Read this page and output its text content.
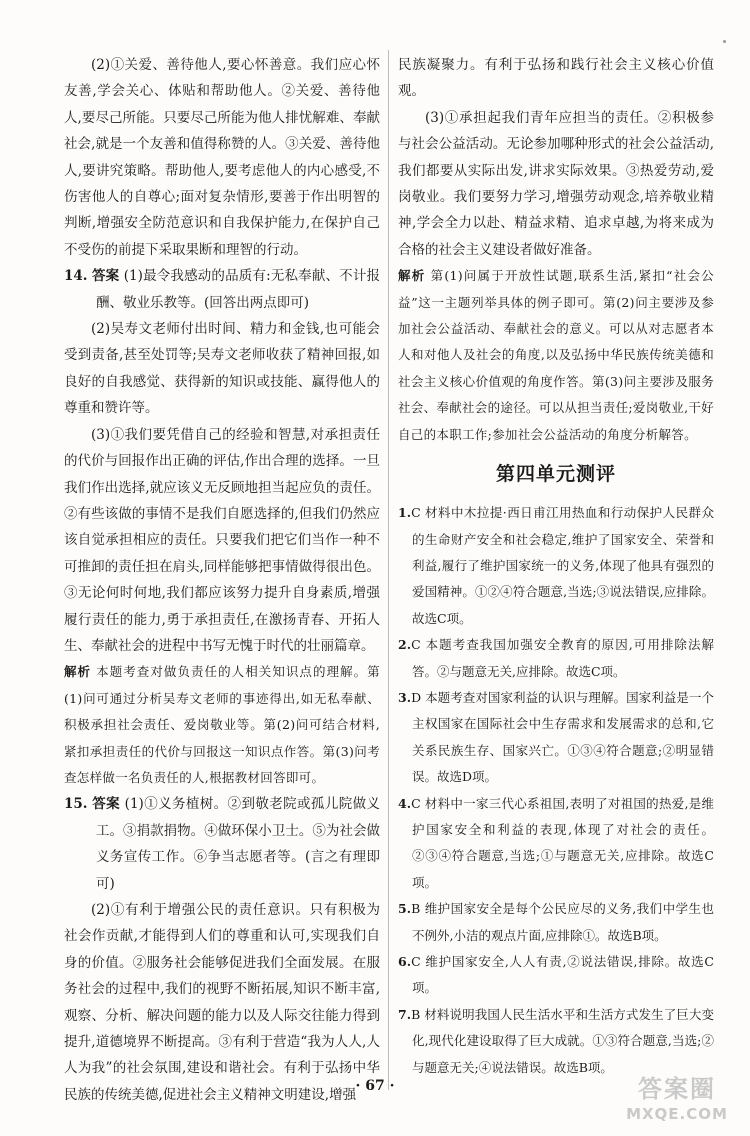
(2)①关爱、善待他人,要心怀善意。我们应心怀友善,学会关心、体贴和帮助他人。②关爱、善待他人,要尽己所能。只要尽己所能为他人排忧解难、奉献社会,就是一个友善和值得称赞的人。③关爱、善待他人,要讲究策略。帮助他人,要考虑他人的内心感受,不伤害他人的自尊心;面对复杂情形,要善于作出明智的判断,增强安全防范意识和自我保护能力,在保护自己不受伤的前提下采取果断和理智的行动。

14. 答案 (1)最令我感动的品质有:无私奉献、不计报酬、敬业乐教等。(回答出两点即可)

(2)吴寿文老师付出时间、精力和金钱,也可能会受到责备,甚至处罚等;吴寿文老师收获了精神回报,如良好的自我感觉、获得新的知识或技能、赢得他人的尊重和赞许等。

(3)①我们要凭借自己的经验和智慧,对承担责任的代价与回报作出正确的评估,作出合理的选择。一旦我们作出选择,就应该义无反顾地担当起应负的责任。②有些该做的事情不是我们自愿选择的,但我们仍然应该自觉承担相应的责任。只要我们把它们当作一种不可推卸的责任担在肩头,同样能够把事情做得很出色。③无论何时何地,我们都应该努力提升自身素质,增强履行责任的能力,勇于承担责任,在激扬青春、开拓人生、奉献社会的进程中书写无愧于时代的壮丽篇章。

解析 本题考查对做负责任的人相关知识点的理解。第(1)问可通过分析吴寿文老师的事迹得出,如无私奉献、积极承担社会责任、爱岗敬业等。第(2)问可结合材料,紧扣承担责任的代价与回报这一知识点作答。第(3)问考查怎样做一名负责任的人,根据教材回答即可。

15. 答案 (1)①义务植树。②到敬老院或孤儿院做义工。③捐款捐物。④做环保小卫士。⑤为社会做义务宣传工作。⑥争当志愿者等。(言之有理即可)

(2)①有利于增强公民的责任意识。只有积极为社会作贡献,才能得到人们的尊重和认可,实现我们自身的价值。②服务社会能够促进我们全面发展。在服务社会的过程中,我们的视野不断拓展,知识不断丰富,观察、分析、解决问题的能力以及人际交往能力得到提升,道德境界不断提高。③有利于营造“我为人人,人人为我”的社会氛围,建设和谐社会。有利于弘扬中华民族的传统美德,促进社会主义精神文明建设,增强

民族凝聚力。有利于弘扬和践行社会主义核心价值观。

(3)①承担起我们青年应担当的责任。②积极参与社会公益活动。无论参加哪种形式的社会公益活动,我们都要从实际出发,讲求实际效果。③热爱劳动,爱岗敬业。我们要努力学习,增强劳动观念,培养敬业精神,学会全力以赴、精益求精、追求卓越,为将来成为合格的社会主义建设者做好准备。

解析 第(1)问属于开放性试题,联系生活,紧扣“社会公益”这一主题列举具体的例子即可。第(2)问主要涉及参加社会公益活动、奉献社会的意义。可以从对志愿者本人和对他人及社会的角度,以及弘扬中华民族传统美德和社会主义核心价值观的角度作答。第(3)问主要涉及服务社会、奉献社会的途径。可以从担当责任;爱岗敬业,干好自己的本职工作;参加社会公益活动的角度分析解答。

第四单元测评

1.C 材料中木拉提·西日甫江用热血和行动保护人民群众的生命财产安全和社会稳定,维护了国家安全、荣誉和利益,履行了维护国家统一的义务,体现了他具有强烈的爱国精神。①②④符合题意,当选;③说法错误,应排除。故选C项。

2.C 本题考查我国加强安全教育的原因,可用排除法解答。②与题意无关,应排除。故选C项。

3.D 本题考查对国家利益的认识与理解。国家利益是一个主权国家在国际社会中生存需求和发展需求的总和,它关系民族生存、国家兴亡。①③④符合题意;②明显错误。故选D项。

4.C 材料中一家三代心系祖国,表明了对祖国的热爱,是维护国家安全和利益的表现,体现了对社会的责任。②③④符合题意,当选;①与题意无关,应排除。故选C项。

5.B 维护国家安全是每个公民应尽的义务,我们中学生也不例外,小洁的观点片面,应排除①。故选B项。

6.C 维护国家安全,人人有责,②说法错误,排除。故选C项。

7.B 材料说明我国人民生活水平和生活方式发生了巨大变化,现代化建设取得了巨大成就。①③符合题意,当选;②与题意无关;④说法错误。故选B项。

· 67 ·	答案圈
MXQE.COM
